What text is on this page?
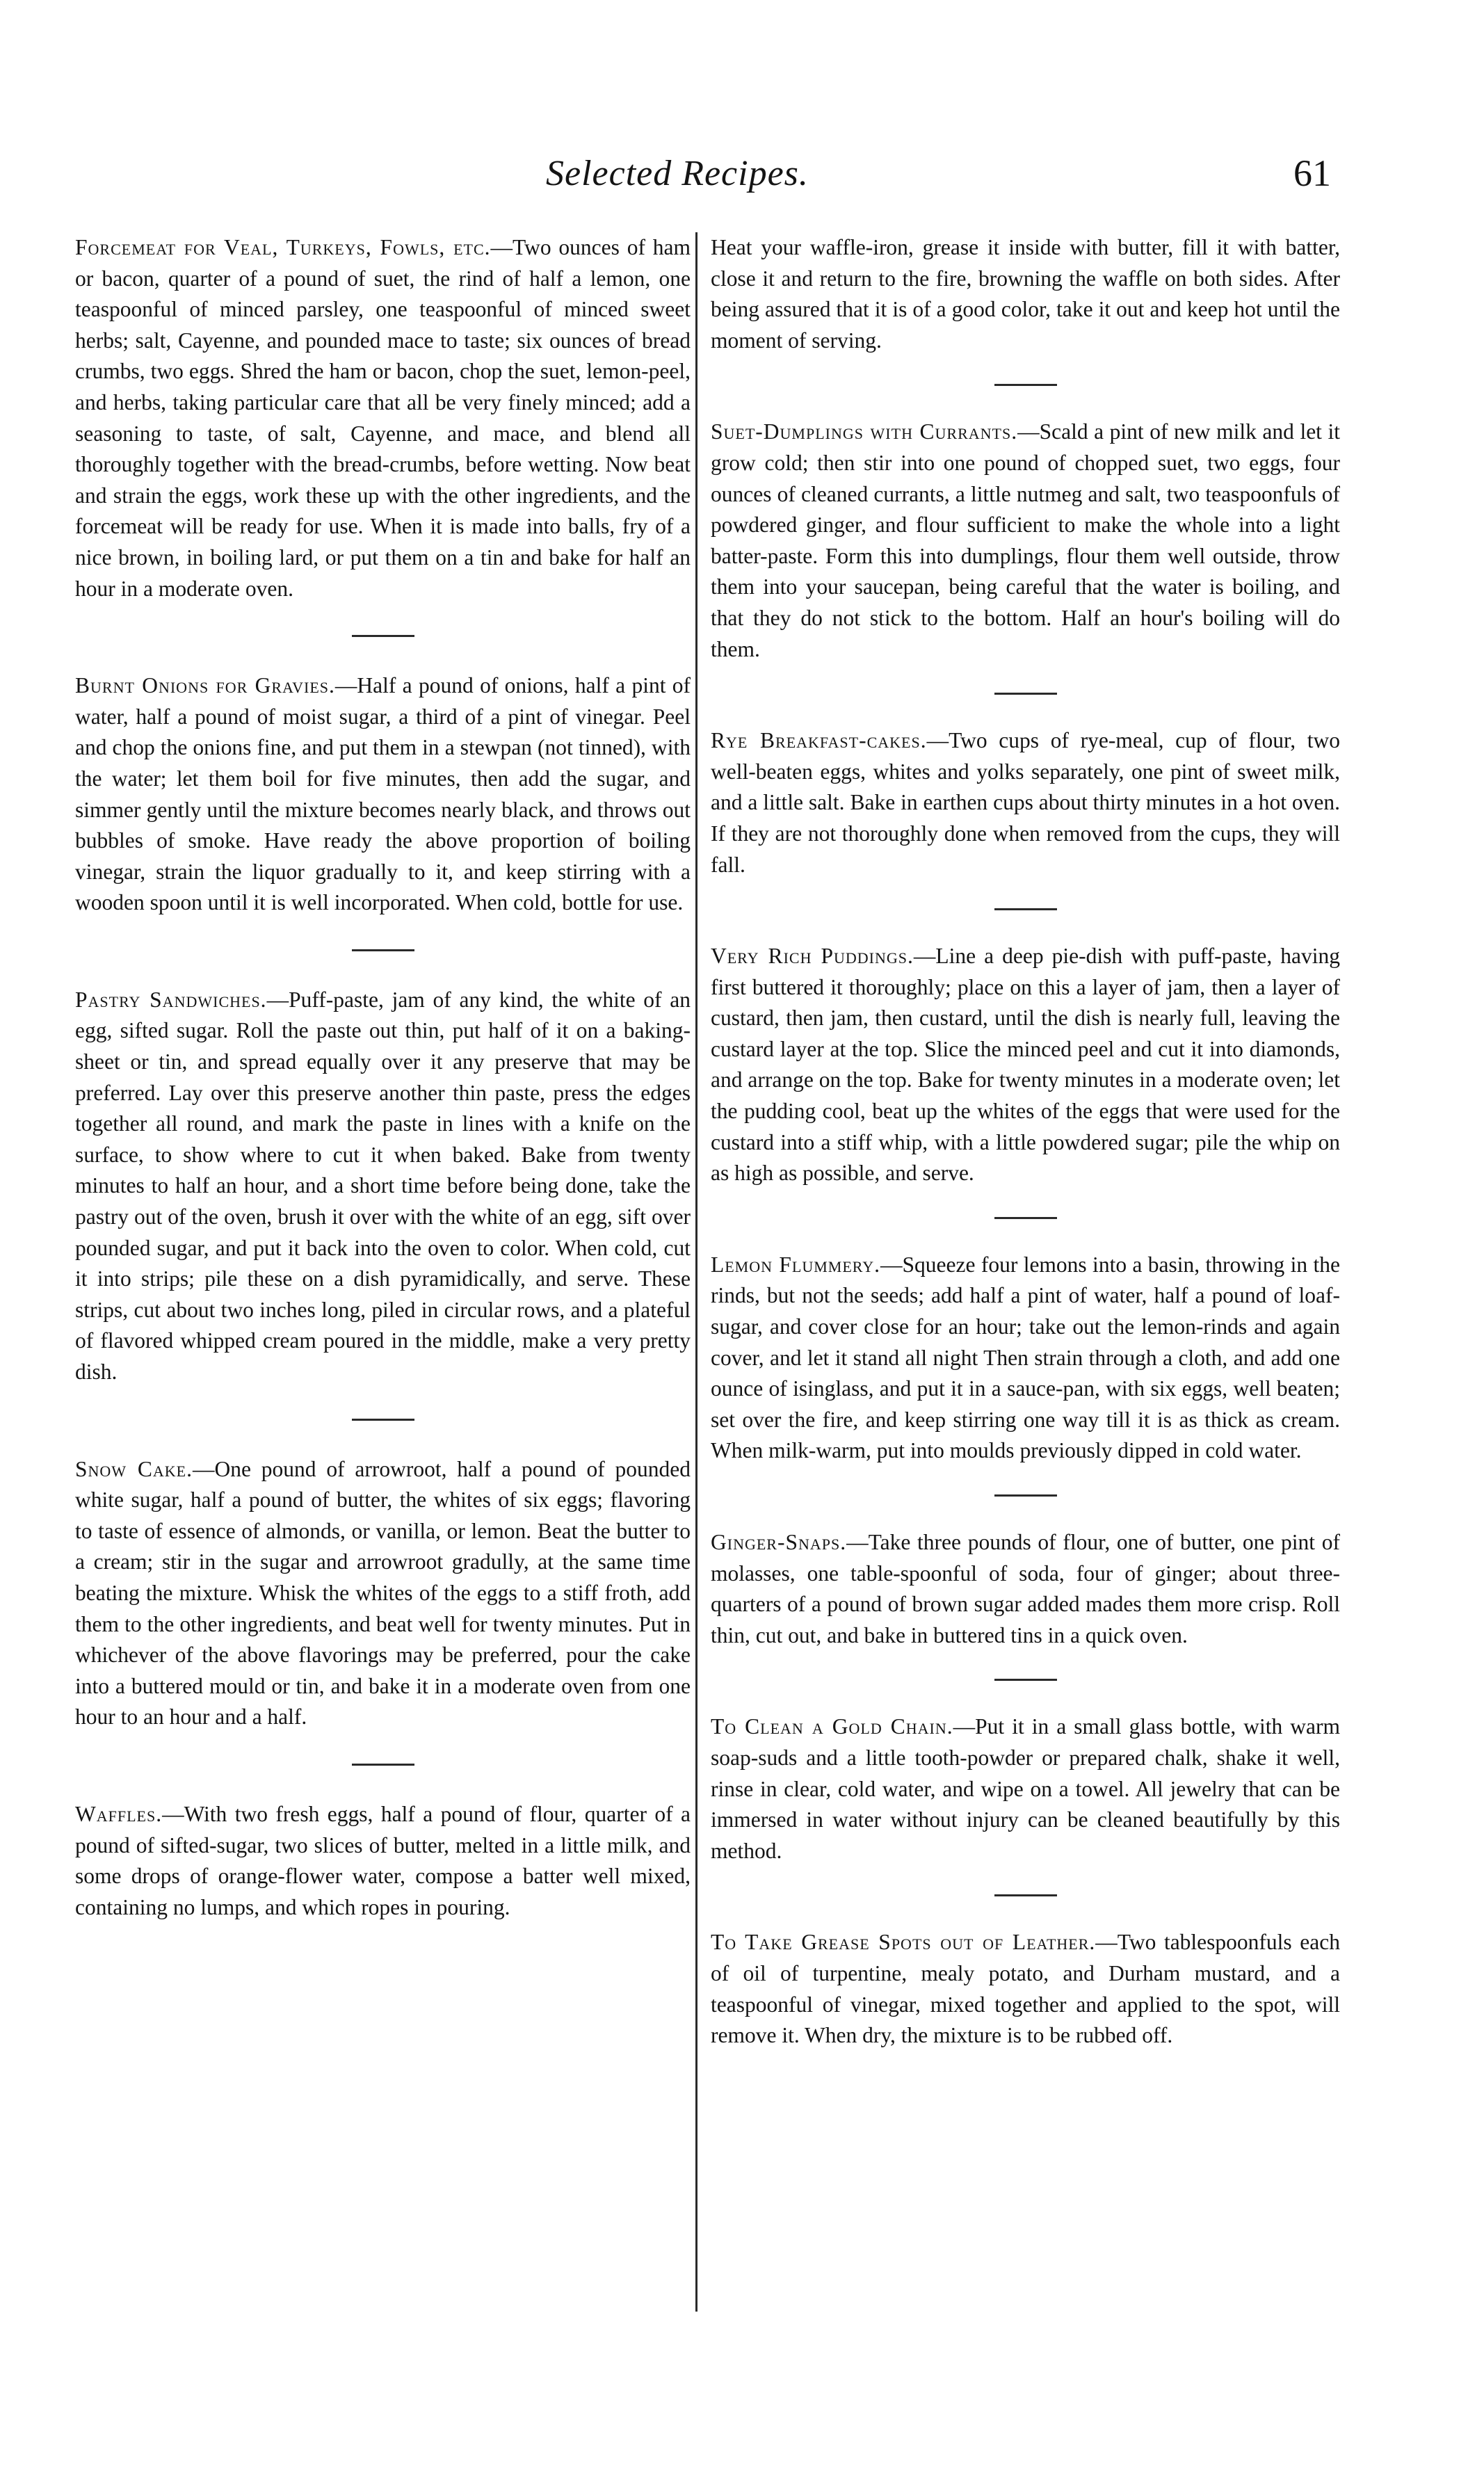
Selected Recipes.	61

Forcemeat for Veal, Turkeys, Fowls, etc.—Two ounces of ham or bacon, quarter of a pound of suet, the rind of half a lemon, one teaspoonful of minced parsley, one teaspoonful of minced sweet herbs; salt, Cayenne, and pounded mace to taste; six ounces of bread crumbs, two eggs. Shred the ham or bacon, chop the suet, lemon-peel, and herbs, taking particular care that all be very finely minced; add a seasoning to taste, of salt, Cayenne, and mace, and blend all thoroughly together with the bread-crumbs, before wetting. Now beat and strain the eggs, work these up with the other ingredients, and the forcemeat will be ready for use. When it is made into balls, fry of a nice brown, in boiling lard, or put them on a tin and bake for half an hour in a moderate oven.

Burnt Onions for Gravies.—Half a pound of onions, half a pint of water, half a pound of moist sugar, a third of a pint of vinegar. Peel and chop the onions fine, and put them in a stewpan (not tinned), with the water; let them boil for five minutes, then add the sugar, and simmer gently until the mixture becomes nearly black, and throws out bubbles of smoke. Have ready the above proportion of boiling vinegar, strain the liquor gradually to it, and keep stirring with a wooden spoon until it is well incorporated. When cold, bottle for use.

Pastry Sandwiches.—Puff-paste, jam of any kind, the white of an egg, sifted sugar. Roll the paste out thin, put half of it on a baking-sheet or tin, and spread equally over it any preserve that may be preferred. Lay over this preserve another thin paste, press the edges together all round, and mark the paste in lines with a knife on the surface, to show where to cut it when baked. Bake from twenty minutes to half an hour, and a short time before being done, take the pastry out of the oven, brush it over with the white of an egg, sift over pounded sugar, and put it back into the oven to color. When cold, cut it into strips; pile these on a dish pyramidically, and serve. These strips, cut about two inches long, piled in circular rows, and a plateful of flavored whipped cream poured in the middle, make a very pretty dish.

Snow Cake.—One pound of arrowroot, half a pound of pounded white sugar, half a pound of butter, the whites of six eggs; flavoring to taste of essence of almonds, or vanilla, or lemon. Beat the butter to a cream; stir in the sugar and arrowroot gradully, at the same time beating the mixture. Whisk the whites of the eggs to a stiff froth, add them to the other ingredients, and beat well for twenty minutes. Put in whichever of the above flavorings may be preferred, pour the cake into a buttered mould or tin, and bake it in a moderate oven from one hour to an hour and a half.

Waffles.—With two fresh eggs, half a pound of flour, quarter of a pound of sifted-sugar, two slices of butter, melted in a little milk, and some drops of orange-flower water, compose a batter well mixed, containing no lumps, and which ropes in pouring.

Heat your waffle-iron, grease it inside with butter, fill it with batter, close it and return to the fire, browning the waffle on both sides. After being assured that it is of a good color, take it out and keep hot until the moment of serving.

Suet-Dumplings with Currants.—Scald a pint of new milk and let it grow cold; then stir into one pound of chopped suet, two eggs, four ounces of cleaned currants, a little nutmeg and salt, two teaspoonfuls of powdered ginger, and flour sufficient to make the whole into a light batter-paste. Form this into dumplings, flour them well outside, throw them into your saucepan, being careful that the water is boiling, and that they do not stick to the bottom. Half an hour's boiling will do them.

Rye Breakfast-cakes.—Two cups of rye-meal, cup of flour, two well-beaten eggs, whites and yolks separately, one pint of sweet milk, and a little salt. Bake in earthen cups about thirty minutes in a hot oven. If they are not thoroughly done when removed from the cups, they will fall.

Very Rich Puddings.—Line a deep pie-dish with puff-paste, having first buttered it thoroughly; place on this a layer of jam, then a layer of custard, then jam, then custard, until the dish is nearly full, leaving the custard layer at the top. Slice the minced peel and cut it into diamonds, and arrange on the top. Bake for twenty minutes in a moderate oven; let the pudding cool, beat up the whites of the eggs that were used for the custard into a stiff whip, with a little powdered sugar; pile the whip on as high as possible, and serve.

Lemon Flummery.—Squeeze four lemons into a basin, throwing in the rinds, but not the seeds; add half a pint of water, half a pound of loaf-sugar, and cover close for an hour; take out the lemon-rinds and again cover, and let it stand all night Then strain through a cloth, and add one ounce of isinglass, and put it in a sauce-pan, with six eggs, well beaten; set over the fire, and keep stirring one way till it is as thick as cream. When milk-warm, put into moulds previously dipped in cold water.

Ginger-Snaps.—Take three pounds of flour, one of butter, one pint of molasses, one table-spoonful of soda, four of ginger; about three-quarters of a pound of brown sugar added mades them more crisp. Roll thin, cut out, and bake in buttered tins in a quick oven.

To Clean a Gold Chain.—Put it in a small glass bottle, with warm soap-suds and a little tooth-powder or prepared chalk, shake it well, rinse in clear, cold water, and wipe on a towel. All jewelry that can be immersed in water without injury can be cleaned beautifully by this method.

To Take Grease Spots out of Leather.—Two tablespoonfuls each of oil of turpentine, mealy potato, and Durham mustard, and a teaspoonful of vinegar, mixed together and applied to the spot, will remove it. When dry, the mixture is to be rubbed off.
